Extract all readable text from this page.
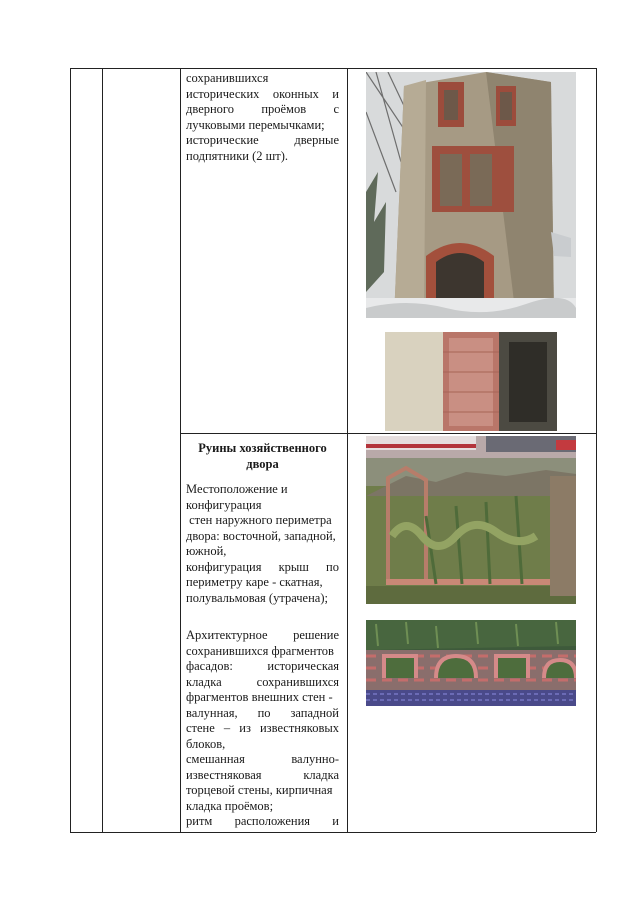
сохранившихся
исторических оконных и
дверного проёмов с
лучковыми перемычками;
исторические дверные
подпятники (2 шт).
Руины хозяйственного
двора
Местоположение и
конфигурация
стен наружного периметра
двора: восточной, западной,
южной,
конфигурация крыш по
периметру каре - скатная,
полувальмовая (утрачена);
Архитектурное решение
сохранившихся фрагментов
фасадов: историческая
кладка сохранившихся
фрагментов внешних стен -
валунная, по западной
стене – из известняковых
блоков,
смешанная валунно-
известняковая кладка
торцевой стены, кирпичная
кладка проёмов;
ритм расположения и
